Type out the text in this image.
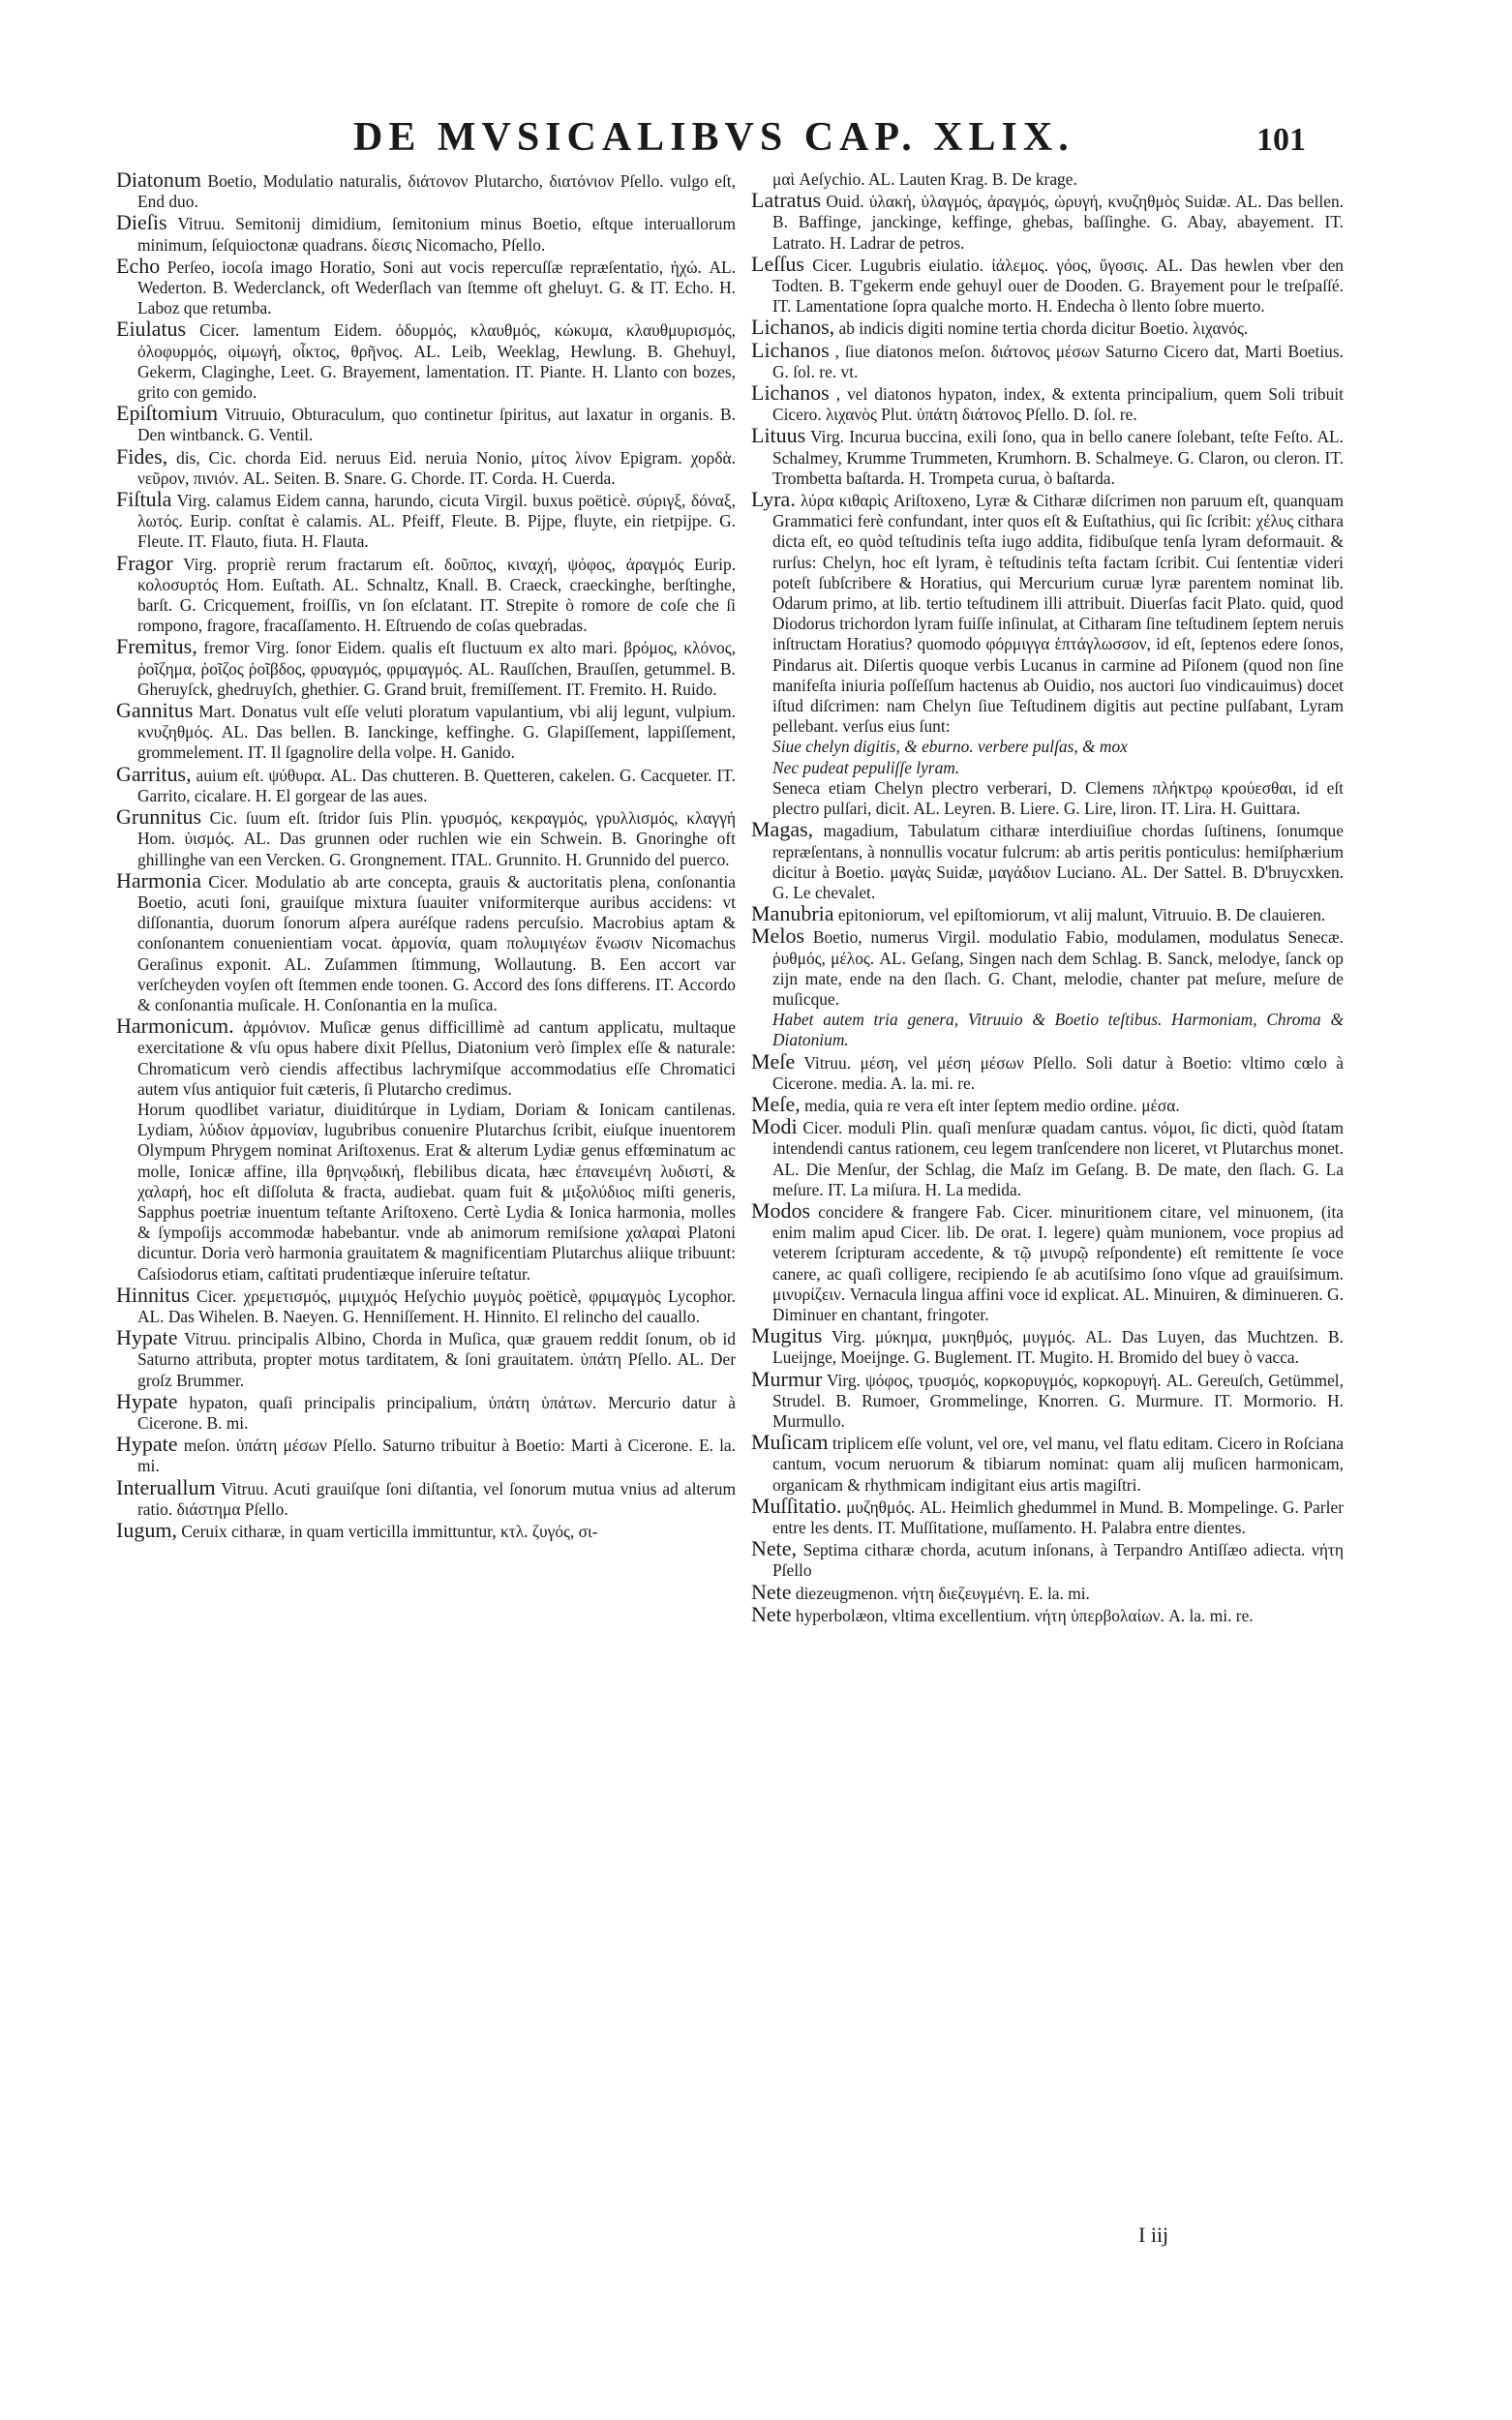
DE MVSICALIBVS CAP. XLIX.	101

Diatonum Boetio, Modulatio naturalis, διάτονον Plutarcho, διατόνιον Pſello. vulgo eſt, End duo.

Dieſis Vitruu. Semitonij dimidium, ſemitonium minus Boetio, eſtque interuallorum minimum, ſeſquioctonæ quadrans. δίεσις Nicomacho, Pſello.

Echo Perſeo, iocoſa imago Horatio, Soni aut vocis repercuſſæ repræſentatio, ἠχώ. AL. Wederton. B. Wederclanck, oft Wederſlach van ſtemme oft gheluyt. G. & IT. Echo. H. Laboz que retumba.

Eiulatus Cicer. lamentum Eidem. ὀδυρμός, κλαυθμός, κώκυμα, κλαυθμυρισμός, ὀλοφυρμός, οἰμωγή, οἶκτος, θρῆνος. AL. Leib, Weeklag, Hewlung. B. Ghehuyl, Gekerm, Claginghe, Leet. G. Brayement, lamentation. IT. Piante. H. Llanto con bozes, grito con gemido.

Epiſtomium Vitruuio, Obturaculum, quo continetur ſpiritus, aut laxatur in organis. B. Den wintbanck. G. Ventil.

Fides, dis, Cic. chorda Eid. neruus Eid. neruia Nonio, μίτος λίνον Epigram. χορδὰ. νεῦρον, πινιόν. AL. Seiten. B. Snare. G. Chorde. IT. Corda. H. Cuerda.

Fiſtula Virg. calamus Eidem canna, harundo, cicuta Virgil. buxus poëticè. σύριγξ, δόναξ, λωτός. Eurip. conſtat è calamis. AL. Pfeiff, Fleute. B. Pijpe, fluyte, ein rietpijpe. G. Fleute. IT. Flauto, fiuta. H. Flauta.

Fragor Virg. propriè rerum fractarum eſt. δοῦπος, κιναχή, ψόφος, ἀραγμός Eurip. κολοσυρτός Hom. Euſtath. AL. Schnaltz, Knall. B. Craeck, craeckinghe, berſtinghe, barſt. G. Cricquement, froiſſis, vn ſon eſclatant. IT. Strepite ò romore de coſe che ſi rompono, fragore, fracaſſamento. H. Eſtruendo de coſas quebradas.

Fremitus, fremor Virg. ſonor Eidem. qualis eſt fluctuum ex alto mari. βρόμος, κλόνος, ῥοῖζημα, ῥοῖζος ῥοῖβδος, φρυαγμός, φριμαγμός. AL. Rauſſchen, Brauſſen, getummel. B. Gheruyſck, ghedruyſch, ghethier. G. Grand bruit, fremiſſement. IT. Fremito. H. Ruido.

Gannitus Mart. Donatus vult eſſe veluti ploratum vapulantium, vbi alij legunt, vulpium. κνυζηθμός. AL. Das bellen. B. Ianckinge, keffinghe. G. Glapiſſement, lappiſſement, grommelement. IT. Il ſgagnolire della volpe. H. Ganido.

Garritus, auium eſt. ψύθυρα. AL. Das chutteren. B. Quetteren, cakelen. G. Cacqueter. IT. Garrito, cicalare. H. El gorgear de las aues.

Grunnitus Cic. ſuum eſt. ſtridor ſuis Plin. γρυσμός, κεκραγμός, γρυλλισμός, κλαγγή Hom. ὑισμός. AL. Das grunnen oder ruchlen wie ein Schwein. B. Gnoringhe oft ghillinghe van een Vercken. G. Grongnement. ITAL. Grunnito. H. Grunnido del puerco.

Harmonia Cicer. Modulatio ab arte concepta, grauis & auctoritatis plena, conſonantia Boetio, acuti ſoni, grauiſque mixtura ſuauiter vniformiterque auribus accidens: vt diſſonantia, duorum ſonorum aſpera auréſque radens percuſsio. Macrobius aptam & conſonantem conuenientiam vocat. ἁρμονία, quam πολυμιγέων ἕνωσιν Nicomachus Geraſinus exponit. AL. Zuſammen ſtimmung, Wollautung. B. Een accort var verſcheyden voyſen oft ſtemmen ende toonen. G. Accord des ſons differens. IT. Accordo & conſonantia muſicale. H. Conſonantia en la muſica.

Harmonicum. ἁρμόνιον. Muſicæ genus difficillimè ad cantum applicatu, multaque exercitatione & vſu opus habere dixit Pſellus, Diatonium verò ſimplex eſſe & naturale: Chromaticum verò ciendis affectibus lachrymiſque accommodatius eſſe Chromatici autem vſus antiquior fuit cæteris, ſi Plutarcho credimus.

Horum quodlibet variatur, diuiditúrque in Lydiam, Doriam & Ionicam cantilenas. Lydiam, λύδιον ἁρμονίαν, lugubribus conuenire Plutarchus ſcribit, eiuſque inuentorem Olympum Phrygem nominat Ariſtoxenus. Erat & alterum Lydiæ genus effœminatum ac molle, Ionicæ affine, illa θρηνῳδική, flebilibus dicata, hæc ἐπανειμένη λυδιστί, & χαλαρή, hoc eſt diſſoluta & fracta, audiebat. quam fuit & μιξολύδιος miſti generis, Sapphus poetriæ inuentum teſtante Ariſtoxeno. Certè Lydia & Ionica harmonia, molles & ſympoſijs accommodæ habebantur. vnde ab animorum remiſsione χαλαραὶ Platoni dicuntur. Doria verò harmonia grauitatem & magnificentiam Plutarchus aliique tribuunt: Caſsiodorus etiam, caſtitati prudentiæque inſeruire teſtatur.

Hinnitus Cicer. χρεμετισμός, μιμιχμός Heſychio μυγμὸς poëticè, φριμαγμὸς Lycophor. AL. Das Wihelen. B. Naeyen. G. Henniſſement. H. Hinnito. El relincho del cauallo.

Hypate Vitruu. principalis Albino, Chorda in Muſica, quæ grauem reddit ſonum, ob id Saturno attributa, propter motus tarditatem, & ſoni grauitatem. ὑπάτη Pſello. AL. Der groſz Brummer.

Hypate hypaton, quaſi principalis principalium, ὑπάτη ὑπάτων. Mercurio datur à Cicerone. B. mi.

Hypate meſon. ὑπάτη μέσων Pſello. Saturno tribuitur à Boetio: Marti à Cicerone. E. la. mi.

Interuallum Vitruu. Acuti grauiſque ſoni diſtantia, vel ſonorum mutua vnius ad alterum ratio. διάστημα Pſello.

Iugum, Ceruix citharæ, in quam verticilla immittuntur, κτλ. ζυγός, σι-

μαὶ Aeſychio. AL. Lauten Krag. B. De krage.

Latratus Ouid. ὑλακή, ὑλαγμός, ἀραγμός, ὠρυγή, κνυζηθμὸς Suidæ. AL. Das bellen. B. Baffinge, janckinge, keffinge, ghebas, baſſinghe. G. Abay, abayement. IT. Latrato. H. Ladrar de petros.

Leſſus Cicer. Lugubris eiulatio. ἰάλεμος. γόος, ὕγοσις. AL. Das hewlen vber den Todten. B. T'gekerm ende gehuyl ouer de Dooden. G. Brayement pour le treſpaſſé. IT. Lamentatione ſopra qualche morto. H. Endecha ò llento ſobre muerto.

Lichanos, ab indicis digiti nomine tertia chorda dicitur Boetio. λιχανός.

Lichanos , ſiue diatonos meſon. διάτονος μέσων Saturno Cicero dat, Marti Boetius. G. ſol. re. vt.

Lichanos , vel diatonos hypaton, index, & extenta principalium, quem Soli tribuit Cicero. λιχανὸς Plut. ὑπάτη διάτονος Pſello. D. ſol. re.

Lituus Virg. Incurua buccina, exili ſono, qua in bello canere ſolebant, teſte Feſto. AL. Schalmey, Krumme Trummeten, Krumhorn. B. Schalmeye. G. Claron, ou cleron. IT. Trombetta baſtarda. H. Trompeta curua, ò baſtarda.

Lyra. λύρα κιθαρὶς Ariſtoxeno, Lyræ & Citharæ diſcrimen non paruum eſt, quanquam Grammatici ferè confundant, inter quos eſt & Euſtathius, qui ſic ſcribit: χέλυς cithara dicta eſt, eo quòd teſtudinis teſta iugo addita, fidibuſque tenſa lyram deformauit. & rurſus: Chelyn, hoc eſt lyram, è teſtudinis teſta factam ſcribit. Cui ſententiæ videri poteſt ſubſcribere & Horatius, qui Mercurium curuæ lyræ parentem nominat lib. Odarum primo, at lib. tertio teſtudinem illi attribuit. Diuerſas facit Plato. quid, quod Diodorus trichordon lyram fuiſſe inſinulat, at Citharam ſine teſtudinem ſeptem neruis inſtructam Horatius? quomodo φόρμιγγα ἑπτάγλωσσον, id eſt, ſeptenos edere ſonos, Pindarus ait. Diſertis quoque verbis Lucanus in carmine ad Piſonem (quod non ſine manifeſta iniuria poſſeſſum hactenus ab Ouidio, nos auctori ſuo vindicauimus) docet iſtud diſcrimen: nam Chelyn ſiue Teſtudinem digitis aut pectine pulſabant, Lyram pellebant. verſus eius ſunt:

Siue chelyn digitis, & eburno. verbere pulſas, & mox

Nec pudeat pepuliſſe lyram.

Seneca etiam Chelyn plectro verberari, D. Clemens πλήκτρῳ κρούεσθαι, id eſt plectro pulſari, dicit. AL. Leyren. B. Liere. G. Lire, liron. IT. Lira. H. Guittara.

Magas, magadium, Tabulatum citharæ interdiuiſiue chordas ſuſtinens, ſonumque repræſentans, à nonnullis vocatur fulcrum: ab artis peritis ponticulus: hemiſphærium dicitur à Boetio. μαγὰς Suidæ, μαγάδιον Luciano. AL. Der Sattel. B. D'bruycxken. G. Le chevalet.

Manubria epitoniorum, vel epiſtomiorum, vt alij malunt, Vitruuio. B. De clauieren.

Melos Boetio, numerus Virgil. modulatio Fabio, modulamen, modulatus Senecæ. ῥυθμός, μέλος. AL. Geſang, Singen nach dem Schlag. B. Sanck, melodye, ſanck op zijn mate, ende na den ſlach. G. Chant, melodie, chanter pat meſure, meſure de muſicque.

Habet autem tria genera, Vitruuio & Boetio teſtibus. Harmoniam, Chroma & Diatonium.

Meſe Vitruu. μέση, vel μέση μέσων Pſello. Soli datur à Boetio: vltimo cœlo à Cicerone. media. A. la. mi. re.

Meſe, media, quia re vera eſt inter ſeptem medio ordine. μέσα.

Modi Cicer. moduli Plin. quaſi menſuræ quadam cantus. νόμοι, ſic dicti, quòd ſtatam intendendi cantus rationem, ceu legem tranſcendere non liceret, vt Plutarchus monet. AL. Die Menſur, der Schlag, die Maſz im Geſang. B. De mate, den ſlach. G. La meſure. IT. La miſura. H. La medida.

Modos concidere & frangere Fab. Cicer. minuritionem citare, vel minuonem, (ita enim malim apud Cicer. lib. De orat. I. legere) quàm munionem, voce propius ad veterem ſcripturam accedente, & τῷ μινυρῷ reſpondente) eſt remittente ſe voce canere, ac quaſi colligere, recipiendo ſe ab acutiſsimo ſono vſque ad grauiſsimum. μινυρίζειν. Vernacula lingua affini voce id explicat. AL. Minuiren, & diminueren. G. Diminuer en chantant, fringoter.

Mugitus Virg. μύκημα, μυκηθμός, μυγμός. AL. Das Luyen, das Muchtzen. B. Lueijnge, Moeijnge. G. Buglement. IT. Mugito. H. Bromido del buey ò vacca.

Murmur Virg. ψόφος, τρυσμός, κορκορυγμός, κορκορυγή. AL. Gereuſch, Getümmel, Strudel. B. Rumoer, Grommelinge, Knorren. G. Murmure. IT. Mormorio. H. Murmullo.

Muſicam triplicem eſſe volunt, vel ore, vel manu, vel flatu editam. Cicero in Roſciana cantum, vocum neruorum & tibiarum nominat: quam alij muſicen harmonicam, organicam & rhythmicam indigitant eius artis magiſtri.

Muſſitatio. μυζηθμός. AL. Heimlich ghedummel in Mund. B. Mompelinge. G. Parler entre les dents. IT. Muſſitatione, muſſamento. H. Palabra entre dientes.

Nete, Septima citharæ chorda, acutum inſonans, à Terpandro Antiſſæo adiecta. νήτη Pſello

Nete diezeugmenon. νήτη διεζευγμένη. E. la. mi.

Nete hyperbolæon, vltima excellentium. νήτη ὑπερβολαίων. A. la. mi. re.

I iij
